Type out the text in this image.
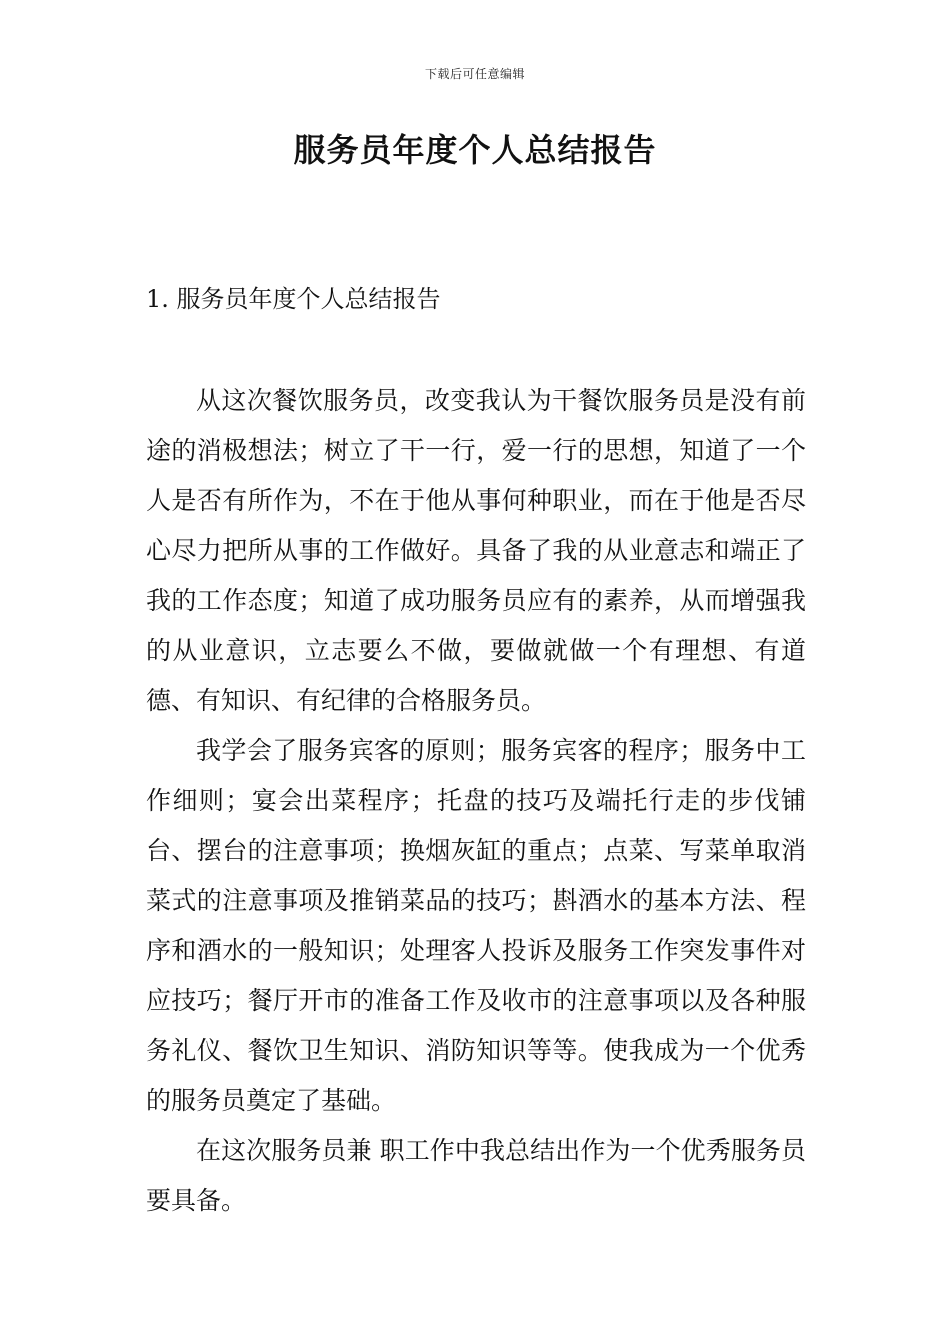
下载后可任意编辑
服务员年度个人总结报告
1. 服务员年度个人总结报告

从这次餐饮服务员，改变我认为干餐饮服务员是没有前途的消极想法；树立了干一行，爱一行的思想，知道了一个人是否有所作为，不在于他从事何种职业，而在于他是否尽心尽力把所从事的工作做好。具备了我的从业意志和端正了我的工作态度；知道了成功服务员应有的素养，从而增强我的从业意识，立志要么不做，要做就做一个有理想、有道德、有知识、有纪律的合格服务员。

我学会了服务宾客的原则；服务宾客的程序；服务中工作细则；宴会出菜程序；托盘的技巧及端托行走的步伐铺台、摆台的注意事项；换烟灰缸的重点；点菜、写菜单取消菜式的注意事项及推销菜品的技巧；斟酒水的基本方法、程序和酒水的一般知识；处理客人投诉及服务工作突发事件对应技巧；餐厅开市的准备工作及收市的注意事项以及各种服务礼仪、餐饮卫生知识、消防知识等等。使我成为一个优秀的服务员奠定了基础。

在这次服务员兼 职工作中我总结出作为一个优秀服务员要具备。
